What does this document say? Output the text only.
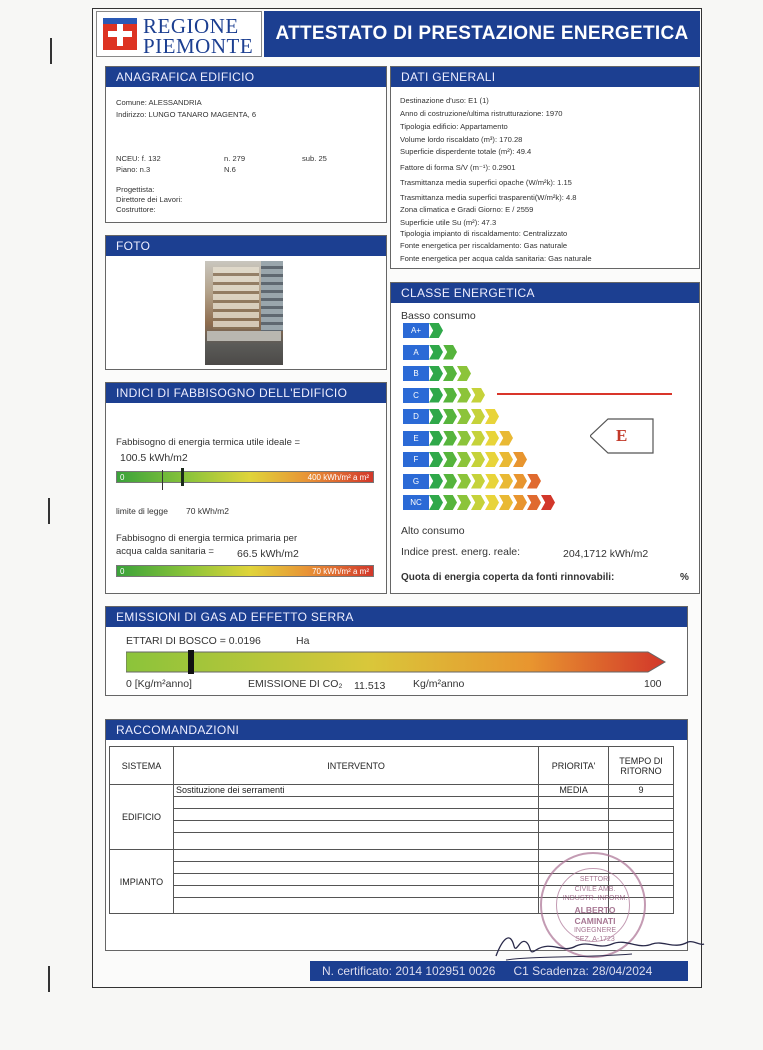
REGIONE
PIEMONTE
ATTESTATO DI PRESTAZIONE ENERGETICA
ANAGRAFICA EDIFICIO
Comune: ALESSANDRIA
Indirizzo: LUNGO TANARO MAGENTA, 6
NCEU: f. 132	n. 279	sub. 25
Piano: n.3	N.6
Progettista:
Direttore dei Lavori:
Costruttore:
DATI GENERALI
Destinazione d'uso: E1 (1)
Anno di costruzione/ultima ristrutturazione: 1970
Tipologia edificio: Appartamento
Volume lordo riscaldato (m³): 170.28
Superficie disperdente totale (m²): 49.4
Fattore di forma S/V (m⁻¹): 0.2901
Trasmittanza media superfici opache (W/m²k): 1.15
Trasmittanza media superfici trasparenti(W/m²k): 4.8
Zona climatica e Gradi Giorno: E / 2559
Superficie utile Su (m²): 47.3
Tipologia impianto di riscaldamento: Centralizzato
Fonte energetica per riscaldamento: Gas naturale
Fonte energetica per acqua calda sanitaria: Gas naturale
FOTO
INDICI DI FABBISOGNO DELL'EDIFICIO
Fabbisogno di energia termica utile ideale =
100.5 kWh/m2
0	400 kWh/m² a m²
limite di legge 70 kWh/m2
Fabbisogno di energia termica primaria per
acqua calda sanitaria = 66.5 kWh/m2
0	70 kWh/m² a m²
CLASSE ENERGETICA
Basso consumo
A+
A
B
C
D
E
F
G
NC
E
Alto consumo
Indice prest. energ. reale:	204,1712 kWh/m2
Quota di energia coperta da fonti rinnovabili:	%
EMISSIONI DI GAS AD EFFETTO SERRA
ETTARI DI BOSCO = 0.0196	Ha
0 [Kg/m²anno]	EMISSIONE DI CO₂ 11.513	Kg/m²anno	100
RACCOMANDAZIONI
SISTEMA	INTERVENTO	PRIORITA'	TEMPO DI RITORNO
EDIFICIO	Sostituzione dei serramenti	MEDIA	9

IMPIANTO			

			SETTORI
CIVILE AMB.
INDUSTR. INFORM.
ALBERTO
CAMINATI
INGEGNERE
SEZ. A-1723
N. certificato: 2014 102951 0026 C1 Scadenza: 28/04/2024
